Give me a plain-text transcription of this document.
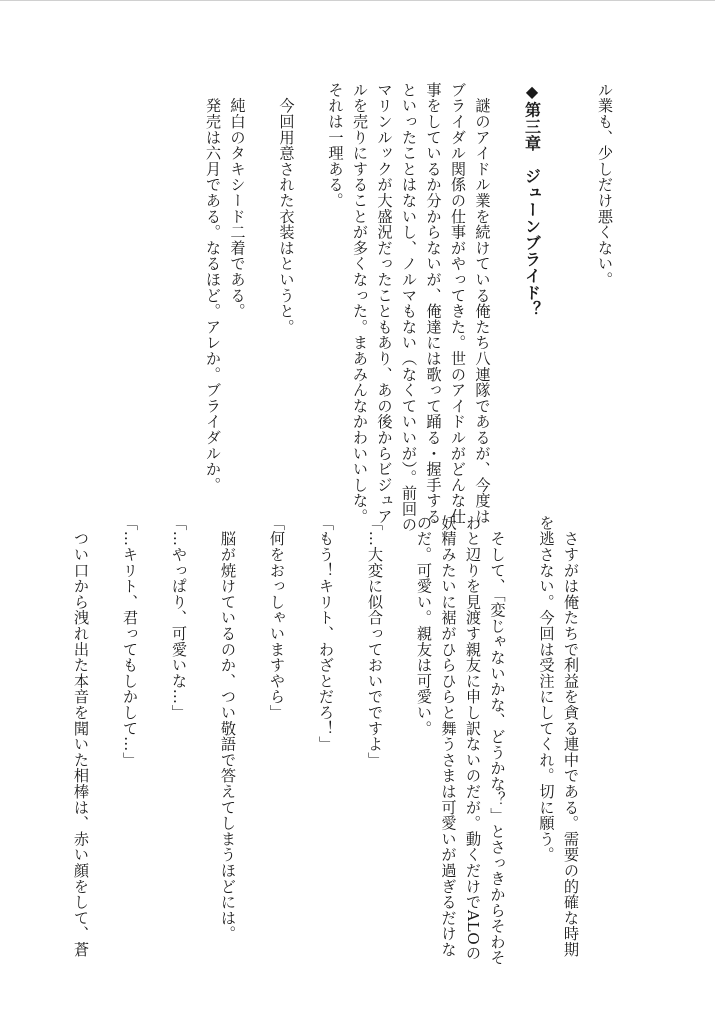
ル業も、少しだけ悪くない。
◆第三章　ジューンブライド？
　謎のアイドル業を続けている俺たち八連隊であるが、今度は
ブライダル関係の仕事がやってきた。世のアイドルがどんな仕
事をしているか分からないが、俺達には歌って踊る・握手する
といったことはないし、ノルマもない（なくていいが）。前回の
マリンルックが大盛況だったこともあり、あの後からビジュア
ルを売りにすることが多くなった。まあみんなかわいいしな。
それは一理ある。
　今回用意された衣装はというと。
　純白のタキシード二着である。
　発売は六月である。なるほど。アレか。ブライダルか。
　さすがは俺たちで利益を貪る連中である。需要の的確な時期
を逃さない。今回は受注にしてくれ。切に願う。
　そして、「変じゃないかな、どうかな？」とさっきからそわそ
わと辺りを見渡す親友に申し訳ないのだが。動くだけでALOの
妖精みたいに裾がひらひらと舞うさまは可愛いが過ぎるだけな
のだ。可愛い。親友は可愛い。
「…大変に似合っておいでですよ」
「もう！キリト、わざとだろ！」
「何をおっしゃいますやら」
　脳が焼けているのか、つい敬語で答えてしまうほどには。
「…やっぱり、可愛いな…」
「…キリト、君ってもしかして…」
　つい口から洩れ出た本音を聞いた相棒は、赤い顔をして、蒼
